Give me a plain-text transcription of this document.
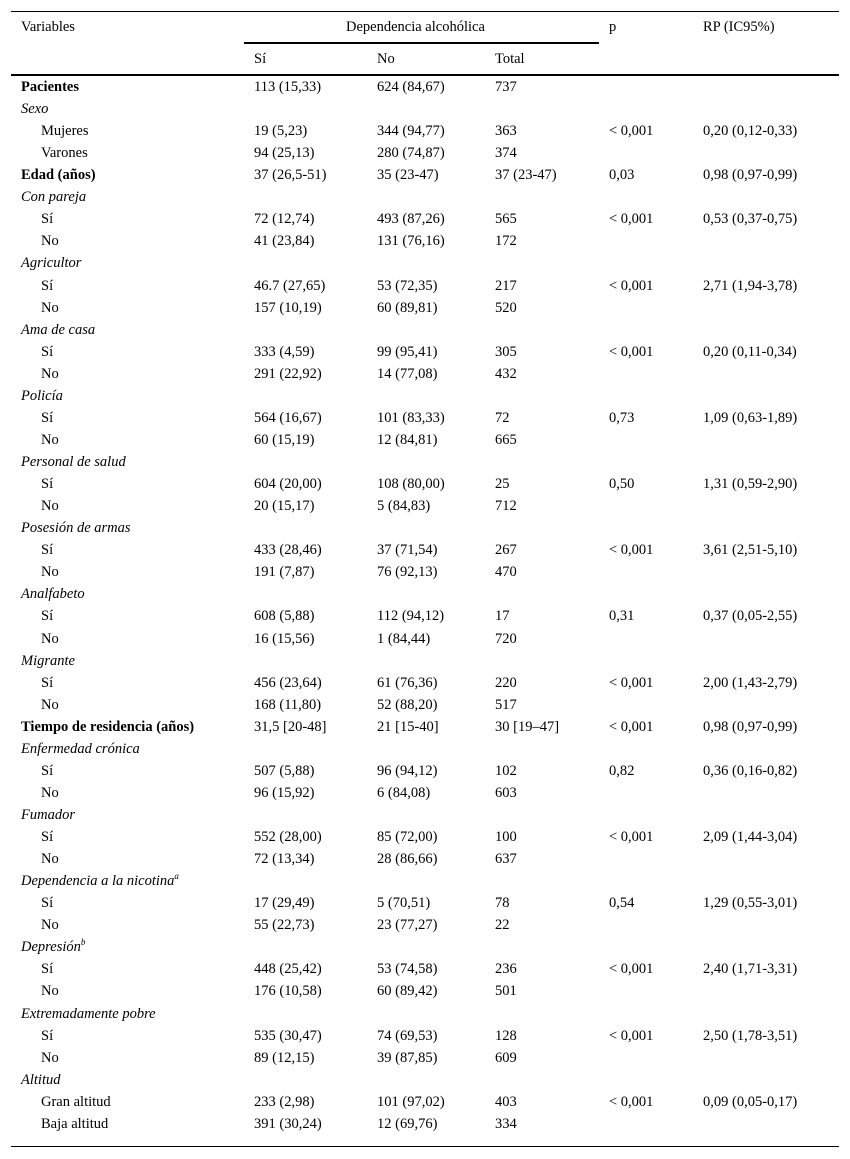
Variables	Dependencia alcohólica	p	RP (IC95%)
Sí	No	Total
Pacientes	113 (15,33)	624 (84,67)	737
Sexo
Mujeres	19 (5,23)	344 (94,77)	363	< 0,001	0,20 (0,12-0,33)
Varones	94 (25,13)	280 (74,87)	374
Edad (años)	37 (26,5-51)	35 (23-47)	37 (23-47)	0,03	0,98 (0,97-0,99)
Con pareja
Sí	72 (12,74)	493 (87,26)	565	< 0,001	0,53 (0,37-0,75)
No	41 (23,84)	131 (76,16)	172
Agricultor
Sí	46.7 (27,65)	53 (72,35)	217	< 0,001	2,71 (1,94-3,78)
No	157 (10,19)	60 (89,81)	520
Ama de casa
Sí	333 (4,59)	99 (95,41)	305	< 0,001	0,20 (0,11-0,34)
No	291 (22,92)	14 (77,08)	432
Policía
Sí	564 (16,67)	101 (83,33)	72	0,73	1,09 (0,63-1,89)
No	60 (15,19)	12 (84,81)	665
Personal de salud
Sí	604 (20,00)	108 (80,00)	25	0,50	1,31 (0,59-2,90)
No	20 (15,17)	5 (84,83)	712
Posesión de armas
Sí	433 (28,46)	37 (71,54)	267	< 0,001	3,61 (2,51-5,10)
No	191 (7,87)	76 (92,13)	470
Analfabeto
Sí	608 (5,88)	112 (94,12)	17	0,31	0,37 (0,05-2,55)
No	16 (15,56)	1 (84,44)	720
Migrante
Sí	456 (23,64)	61 (76,36)	220	< 0,001	2,00 (1,43-2,79)
No	168 (11,80)	52 (88,20)	517
Tiempo de residencia (años)	31,5 [20-48]	21 [15-40]	30 [19–47]	< 0,001	0,98 (0,97-0,99)
Enfermedad crónica
Sí	507 (5,88)	96 (94,12)	102	0,82	0,36 (0,16-0,82)
No	96 (15,92)	6 (84,08)	603
Fumador
Sí	552 (28,00)	85 (72,00)	100	< 0,001	2,09 (1,44-3,04)
No	72 (13,34)	28 (86,66)	637
Dependencia a la nicotina$^a$
Sí	17 (29,49)	5 (70,51)	78	0,54	1,29 (0,55-3,01)
No	55 (22,73)	23 (77,27)	22
Depresión$^b$
Sí	448 (25,42)	53 (74,58)	236	< 0,001	2,40 (1,71-3,31)
No	176 (10,58)	60 (89,42)	501
Extremadamente pobre
Sí	535 (30,47)	74 (69,53)	128	< 0,001	2,50 (1,78-3,51)
No	89 (12,15)	39 (87,85)	609
Altitud
Gran altitud	233 (2,98)	101 (97,02)	403	< 0,001	0,09 (0,05-0,17)
Baja altitud	391 (30,24)	12 (69,76)	334
